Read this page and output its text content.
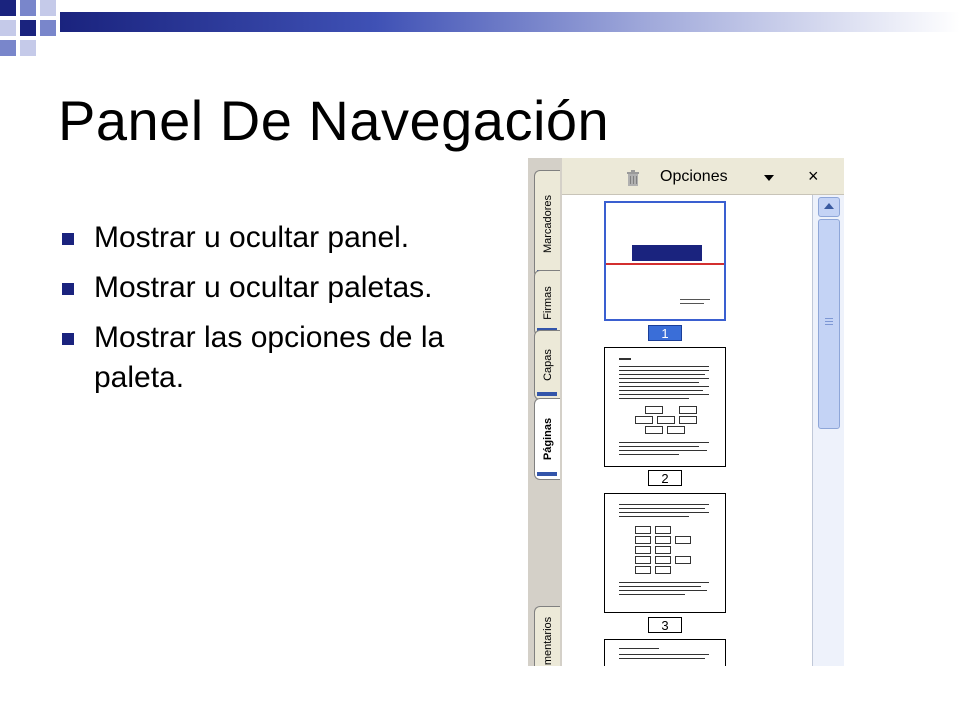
Panel De Navegación
Mostrar u ocultar panel.
Mostrar u ocultar paletas.
Mostrar las opciones de la paleta.
Marcadores
Firmas
Capas
Páginas
mentarios
Opciones	×
1
2
3
